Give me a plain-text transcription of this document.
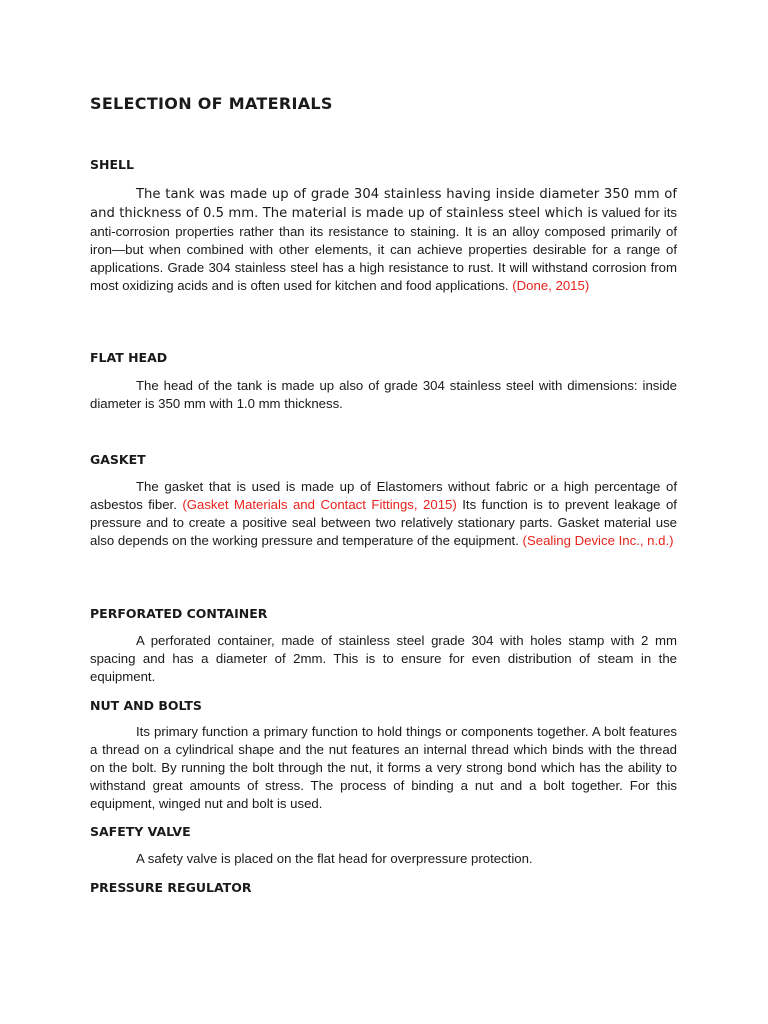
SELECTION OF MATERIALS
SHELL

The tank was made up of grade 304 stainless having inside diameter 350 mm of and thickness of 0.5 mm. The material is made up of stainless steel which is valued for its anti-corrosion properties rather than its resistance to staining. It is an alloy composed primarily of iron—but when combined with other elements, it can achieve properties desirable for a range of applications. Grade 304 stainless steel has a high resistance to rust. It will withstand corrosion from most oxidizing acids and is often used for kitchen and food applications. (Done, 2015)

FLAT HEAD

The head of the tank is made up also of grade 304 stainless steel with dimensions: inside diameter is 350 mm with 1.0 mm thickness.

GASKET

The gasket that is used is made up of Elastomers without fabric or a high percentage of asbestos fiber. (Gasket Materials and Contact Fittings, 2015) Its function is to prevent leakage of pressure and to create a positive seal between two relatively stationary parts. Gasket material use also depends on the working pressure and temperature of the equipment. (Sealing Device Inc., n.d.)

PERFORATED CONTAINER

A perforated container, made of stainless steel grade 304 with holes stamp with 2 mm spacing and has a diameter of 2mm. This is to ensure for even distribution of steam in the equipment.

NUT AND BOLTS

Its primary function a primary function to hold things or components together. A bolt features a thread on a cylindrical shape and the nut features an internal thread which binds with the thread on the bolt. By running the bolt through the nut, it forms a very strong bond which has the ability to withstand great amounts of stress. The process of binding a nut and a bolt together. For this equipment, winged nut and bolt is used.

SAFETY VALVE

A safety valve is placed on the flat head for overpressure protection.

PRESSURE REGULATOR
